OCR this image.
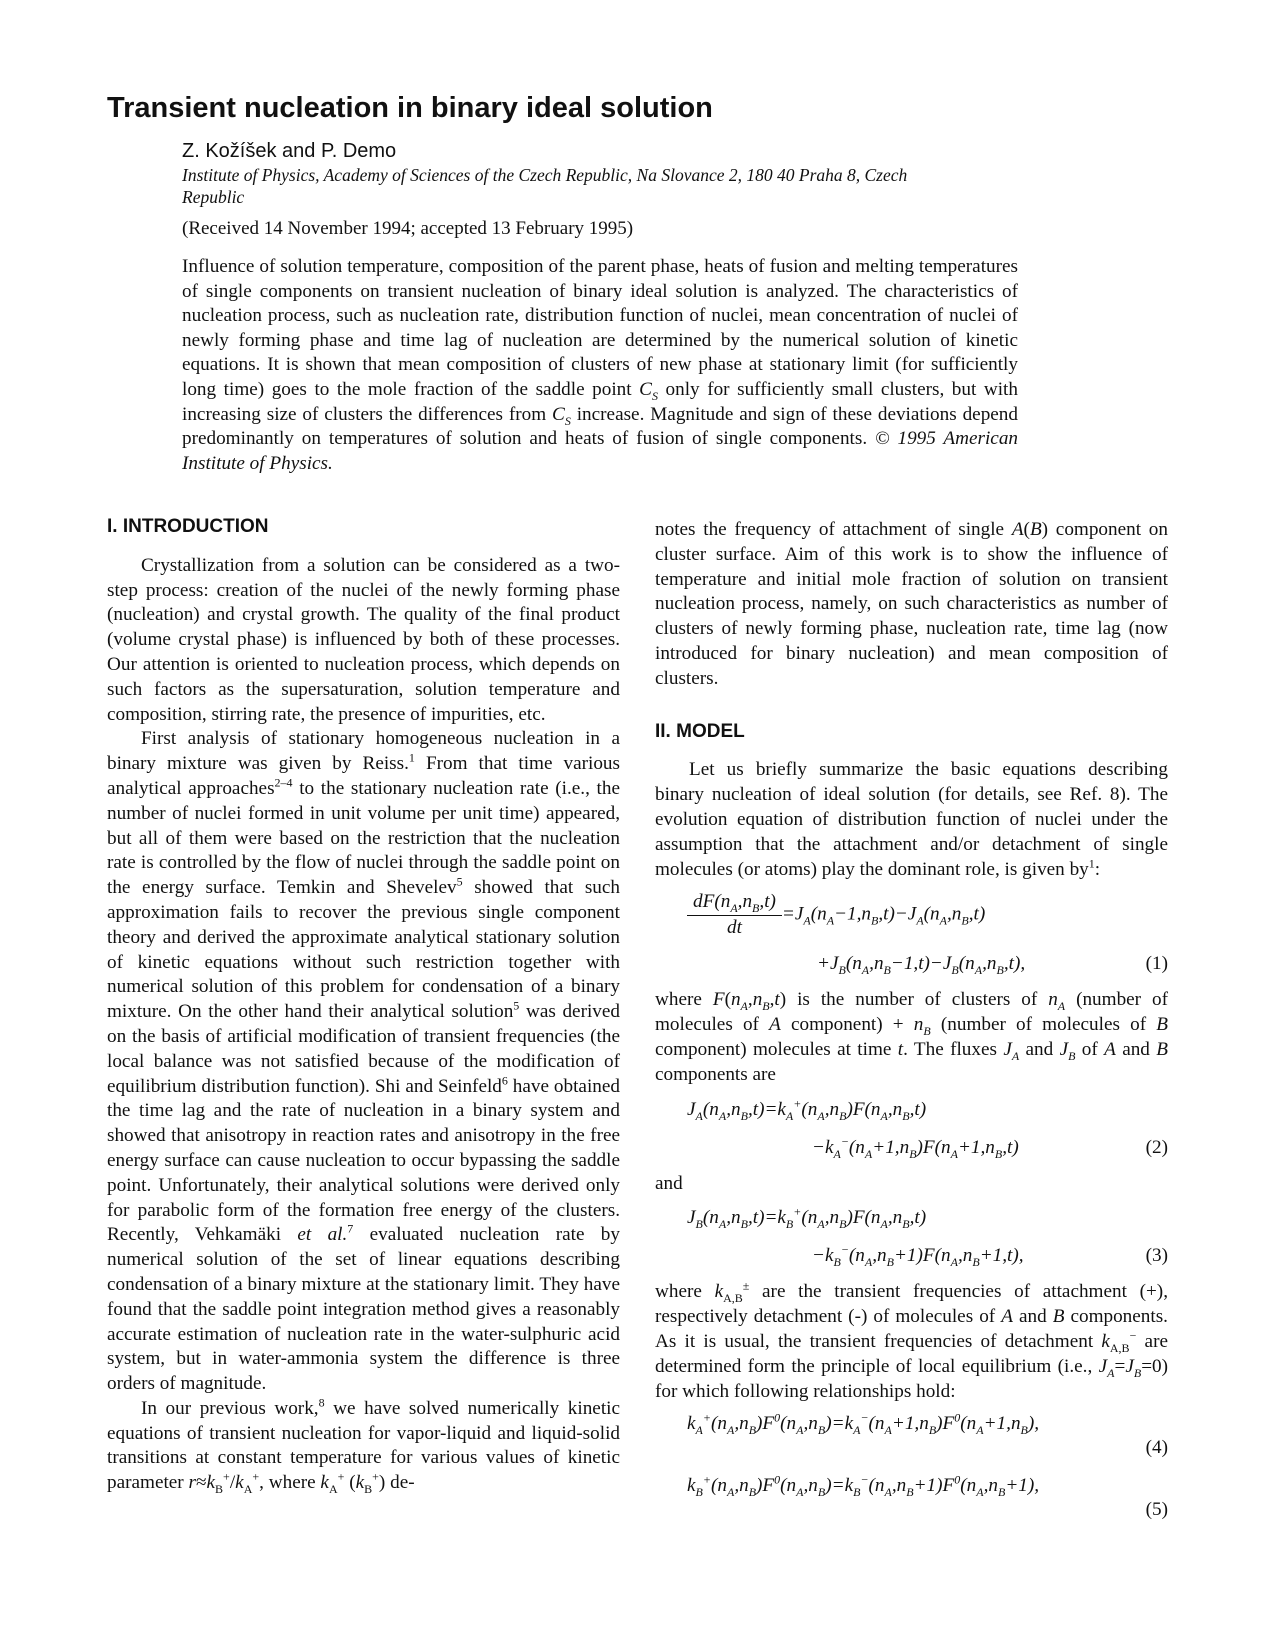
Transient nucleation in binary ideal solution
Z. Kožíšek and P. Demo
Institute of Physics, Academy of Sciences of the Czech Republic, Na Slovance 2, 180 40 Praha 8, Czech Republic
(Received 14 November 1994; accepted 13 February 1995)
Influence of solution temperature, composition of the parent phase, heats of fusion and melting temperatures of single components on transient nucleation of binary ideal solution is analyzed. The characteristics of nucleation process, such as nucleation rate, distribution function of nuclei, mean concentration of nuclei of newly forming phase and time lag of nucleation are determined by the numerical solution of kinetic equations. It is shown that mean composition of clusters of new phase at stationary limit (for sufficiently long time) goes to the mole fraction of the saddle point $C_S$ only for sufficiently small clusters, but with increasing size of clusters the differences from $C_S$ increase. Magnitude and sign of these deviations depend predominantly on temperatures of solution and heats of fusion of single components. © 1995 American Institute of Physics.
I. INTRODUCTION

Crystallization from a solution can be considered as a two-step process: creation of the nuclei of the newly forming phase (nucleation) and crystal growth. The quality of the final product (volume crystal phase) is influenced by both of these processes. Our attention is oriented to nucleation process, which depends on such factors as the supersaturation, solution temperature and composition, stirring rate, the presence of impurities, etc.

First analysis of stationary homogeneous nucleation in a binary mixture was given by Reiss.$^1$ From that time various analytical approaches$^{2-4}$ to the stationary nucleation rate (i.e., the number of nuclei formed in unit volume per unit time) appeared, but all of them were based on the restriction that the nucleation rate is controlled by the flow of nuclei through the saddle point on the energy surface. Temkin and Shevelev$^5$ showed that such approximation fails to recover the previous single component theory and derived the approximate analytical stationary solution of kinetic equations without such restriction together with numerical solution of this problem for condensation of a binary mixture. On the other hand their analytical solution$^5$ was derived on the basis of artificial modification of transient frequencies (the local balance was not satisfied because of the modification of equilibrium distribution function). Shi and Seinfeld$^6$ have obtained the time lag and the rate of nucleation in a binary system and showed that anisotropy in reaction rates and anisotropy in the free energy surface can cause nucleation to occur bypassing the saddle point. Unfortunately, their analytical solutions were derived only for parabolic form of the formation free energy of the clusters. Recently, Vehkamäki et al.$^7$ evaluated nucleation rate by numerical solution of the set of linear equations describing condensation of a binary mixture at the stationary limit. They have found that the saddle point integration method gives a reasonably accurate estimation of nucleation rate in the water-sulphuric acid system, but in water-ammonia system the difference is three orders of magnitude.

In our previous work,$^8$ we have solved numerically kinetic equations of transient nucleation for vapor-liquid and liquid-solid transitions at constant temperature for various values of kinetic parameter $r\approx k_B^+/k_A^+$, where $k_A^+$ $(k_B^+)$ de-

notes the frequency of attachment of single A(B) component on cluster surface. Aim of this work is to show the influence of temperature and initial mole fraction of solution on transient nucleation process, namely, on such characteristics as number of clusters of newly forming phase, nucleation rate, time lag (now introduced for binary nucleation) and mean composition of clusters.

II. MODEL

Let us briefly summarize the basic equations describing binary nucleation of ideal solution (for details, see Ref. 8). The evolution equation of distribution function of nuclei under the assumption that the attachment and/or detachment of single molecules (or atoms) play the dominant role, is given $by^1$:

$\frac{dF(n_A,n_B,t)}{dt} =J_A(n_A-1,n_B,t)-J_A(n_A,n_B,t)$
$+J_B(n_A,n_B-1,t)-J_B(n_A,n_B,t)$,	(1)

where $F(n_A,n_B,t)$ is the number of clusters of $n_A$ (number of molecules of A component) + $n_B$ (number of molecules of B component) molecules at time t. The fluxes $J_A$ and $J_B$ of A and B components are

$J_A(n_A,n_B,t)=k_A^+(n_A,n_B)F(n_A,n_B,t)$
$-k_A^-(n_A+1,n_B)F(n_A+1,n_B,t)$	(2)

and

$J_B(n_A,n_B,t)=k_B^+(n_A,n_B)F(n_A,n_B,t)$
$-k_B^-(n_A,n_B+1)F(n_A,n_B+1,t)$,	(3)

where $k_{A,B}^\pm$ are the transient frequencies of attachment (+), respectively detachment (-) of molecules of A and B components. As it is usual, the transient frequencies of detachment $k_{A,B}^-$ are determined form the principle of local equilibrium (i.e., $J_A=J_B=0$) for which following relationships hold:

$k_A^+(n_A,n_B)F^0(n_A,n_B)=k_A^-(n_A+1,n_B)F^0(n_A+1,n_B)$,
(4)
$k_B^+(n_A,n_B)F^0(n_A,n_B)=k_B^-(n_A,n_B+1)F^0(n_A,n_B+1)$,
(5)
